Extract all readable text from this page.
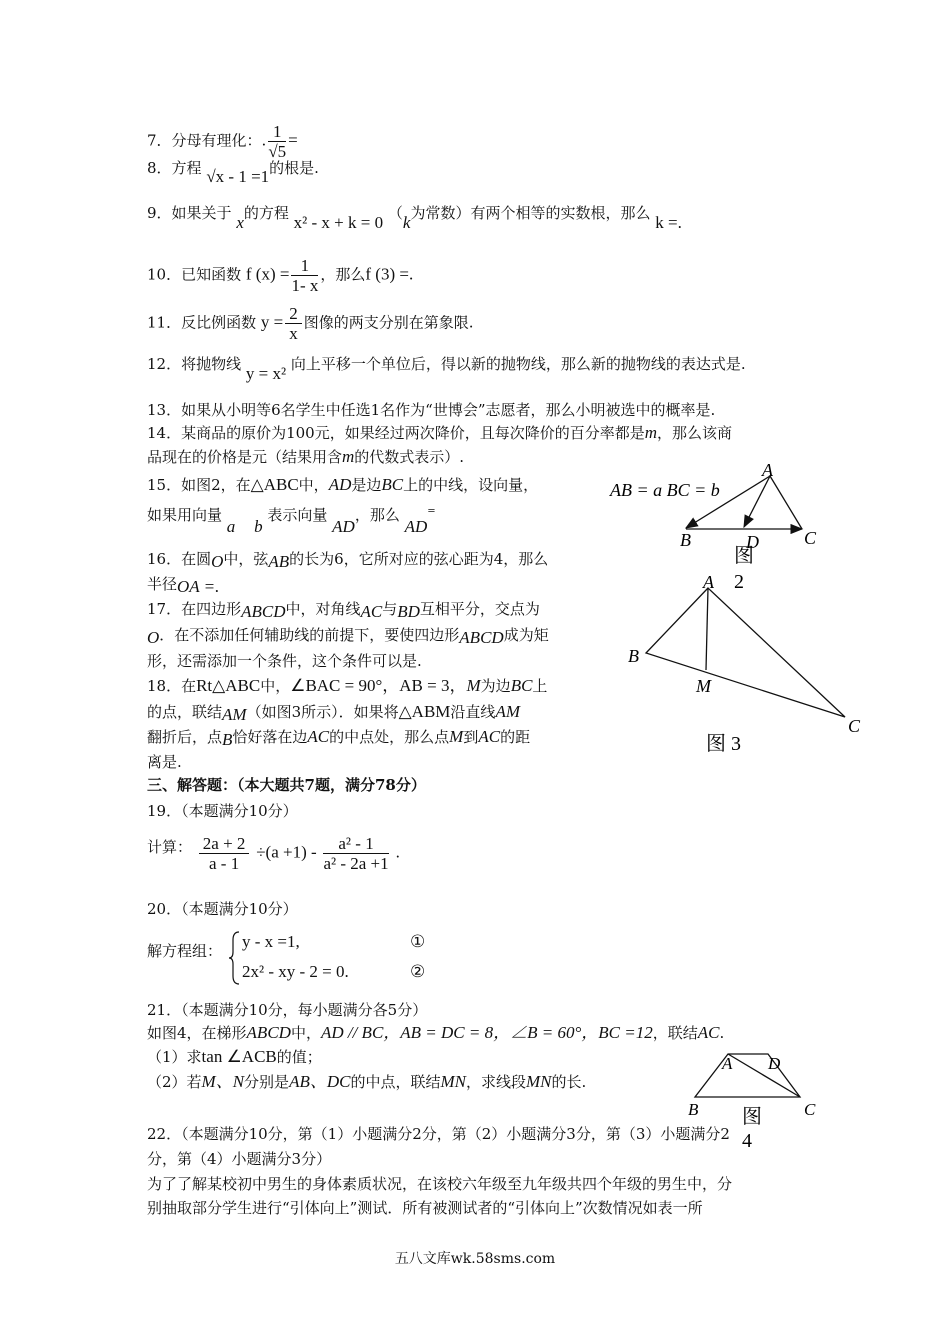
7．分母有理化：. $\frac{1}{√5}$ =
8．方程 √x - 1 =1的根是.
9．如果关于 x的方程 x² - x + k = 0 （k为常数）有两个相等的实数根，那么 k =.
10．已知函数 f $(x) = \frac{1}{1- x}$ ，那么f (3) =.
11．反比例函数 $y = \frac{2}{x}$ 图像的两支分别在第象限.
12．将抛物线 y = x² 向上平移一个单位后，得以新的抛物线，那么新的抛物线的表达式是.
13．如果从小明等6名学生中任选1名作为“世博会”志愿者，那么小明被选中的概率是.
14．某商品的原价为100元，如果经过两次降价，且每次降价的百分率都是m，那么该商
品现在的价格是元（结果用含m的代数式表示）.
15．如图2，在△ABC中，AD是边BC上的中线，设向量，
如果用向量 a b 表示向量 AD，那么 AD=
16．在圆O中，弦AB的长为6，它所对应的弦心距为4，那么
半径OA =.
17．在四边形ABCD中，对角线AC与BD互相平分，交点为
O．在不添加任何辅助线的前提下，要使四边形ABCD成为矩
形，还需添加一个条件，这个条件可以是.
18．在Rt△ABC中，∠BAC = 90°，AB = 3，M为边BC上
的点，联结AM（如图3所示）．如果将△ABM沿直线AM
翻折后，点B恰好落在边AC的中点处，那么点M到AC的距
离是.
三、解答题：（本大题共7题，满分78分）
19．（本题满分10分）
计算： $\frac{2a + 2}{a - 1} \div(a +1) - \frac{\text{a² - 1}}{\text{a² - 2a +1}}$ .
20．（本题满分10分）
解方程组： y - x =1,	①
2x² - xy - 2 = 0.	②
21．（本题满分10分，每小题满分各5分）
如图4，在梯形ABCD中，AD // BC，AB = DC = 8，∠B = 60°，BC =12，联结AC.
（1）求tan ∠ACB的值；
（2）若M、N分别是AB、DC的中点，联结MN，求线段MN的长.
22．（本题满分10分，第（1）小题满分2分，第（2）小题满分3分，第（3）小题满分2
分，第（4）小题满分3分）
为了了解某校初中男生的身体素质状况，在该校六年级至九年级共四个年级的男生中，分
别抽取部分学生进行“引体向上”测试．所有被测试者的“引体向上”次数情况如表一所
AB = a BC = b
A
B	C
D
图
2
A
B
C
M
图 3
A D
B	C
图
4
五八文库wk.58sms.com
